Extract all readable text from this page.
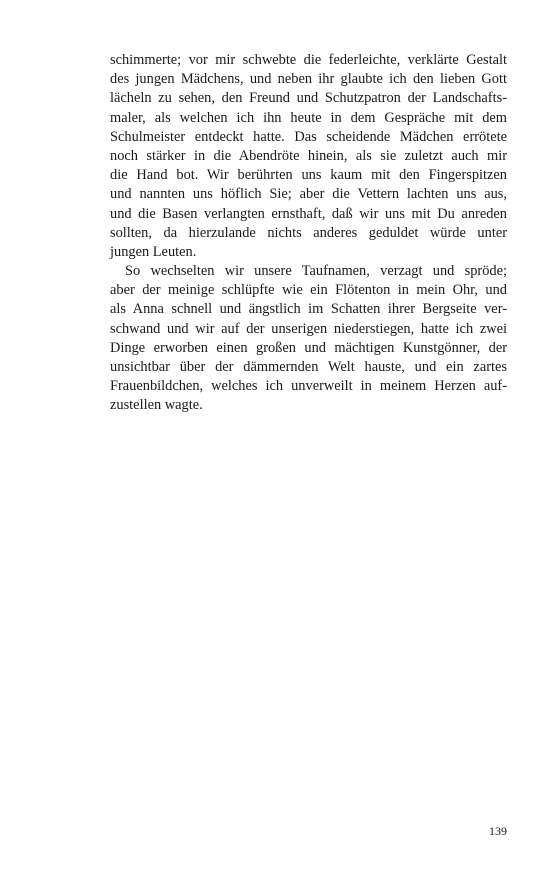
schimmerte; vor mir schwebte die federleichte, verklärte Gestalt
des jungen Mädchens, und neben ihr glaubte ich den lieben Gott
lächeln zu sehen, den Freund und Schutzpatron der Landschafts-
maler, als welchen ich ihn heute in dem Gespräche mit dem
Schulmeister entdeckt hatte. Das scheidende Mädchen errötete
noch stärker in die Abendröte hinein, als sie zuletzt auch mir
die Hand bot. Wir berührten uns kaum mit den Fingerspitzen
und nannten uns höflich Sie; aber die Vettern lachten uns aus,
und die Basen verlangten ernsthaft, daß wir uns mit Du anreden
sollten, da hierzulande nichts anderes geduldet würde unter
jungen Leuten.
So wechselten wir unsere Taufnamen, verzagt und spröde;
aber der meinige schlüpfte wie ein Flötenton in mein Ohr, und
als Anna schnell und ängstlich im Schatten ihrer Bergseite ver-
schwand und wir auf der unserigen niederstiegen, hatte ich zwei
Dinge erworben einen großen und mächtigen Kunstgönner, der
unsichtbar über der dämmernden Welt hauste, und ein zartes
Frauenbildchen, welches ich unverweilt in meinem Herzen auf-
zustellen wagte.
139
